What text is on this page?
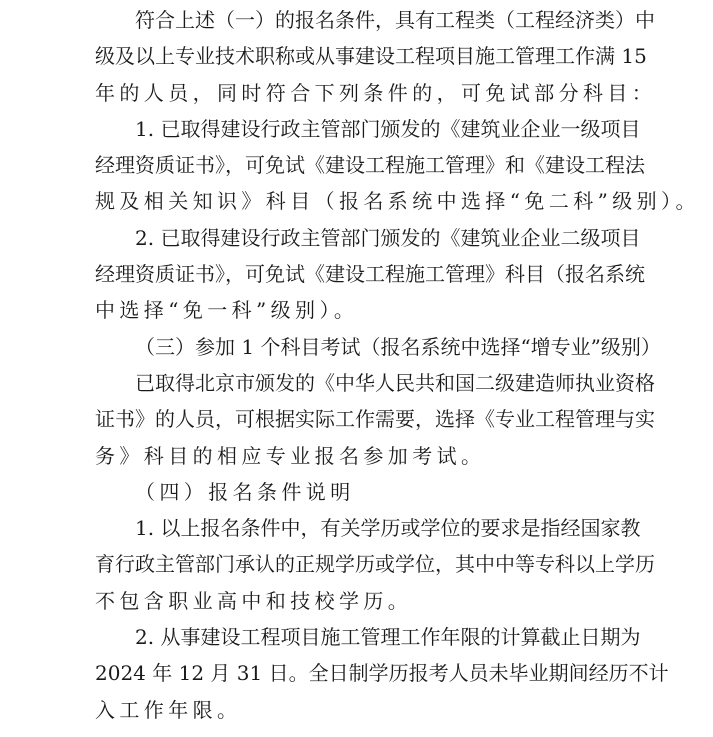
符合上述（一）的报名条件，具有工程类（工程经济类）中
级及以上专业技术职称或从事建设工程项目施工管理工作满 15
年的人员，同时符合下列条件的，可免试部分科目：
1. 已取得建设行政主管部门颁发的《建筑业企业一级项目
经理资质证书》，可免试《建设工程施工管理》和《建设工程法
规及相关知识》科目（报名系统中选择“免二科”级别）。
2. 已取得建设行政主管部门颁发的《建筑业企业二级项目
经理资质证书》，可免试《建设工程施工管理》科目（报名系统
中选择“免一科”级别）。
（三）参加 1 个科目考试（报名系统中选择“增专业”级别）
已取得北京市颁发的《中华人民共和国二级建造师执业资格
证书》的人员，可根据实际工作需要，选择《专业工程管理与实
务》科目的相应专业报名参加考试。
（四）报名条件说明
1. 以上报名条件中，有关学历或学位的要求是指经国家教
育行政主管部门承认的正规学历或学位，其中中等专科以上学历
不包含职业高中和技校学历。
2. 从事建设工程项目施工管理工作年限的计算截止日期为
2024 年 12 月 31 日。全日制学历报考人员未毕业期间经历不计
入工作年限。
